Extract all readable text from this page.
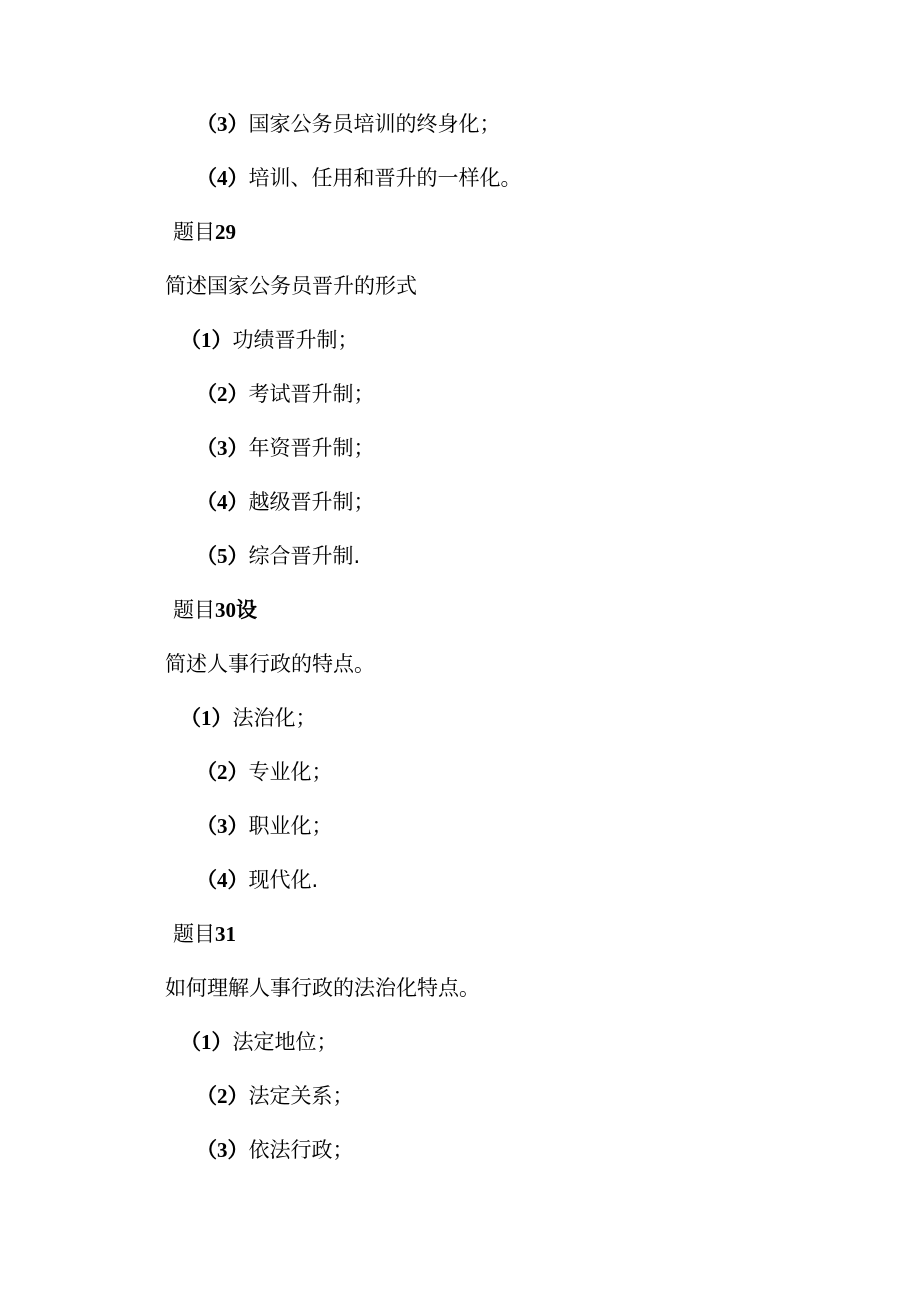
（3）国家公务员培训的终身化；
（4）培训、任用和晋升的一样化。
题目29
简述国家公务员晋升的形式
（1）功绩晋升制；
（2）考试晋升制；
（3）年资晋升制；
（4）越级晋升制；
（5）综合晋升制.
题目30设
简述人事行政的特点。
（1）法治化；
（2）专业化；
（3）职业化；
（4）现代化.
题目31
如何理解人事行政的法治化特点。
（1）法定地位；
（2）法定关系；
（3）依法行政；
